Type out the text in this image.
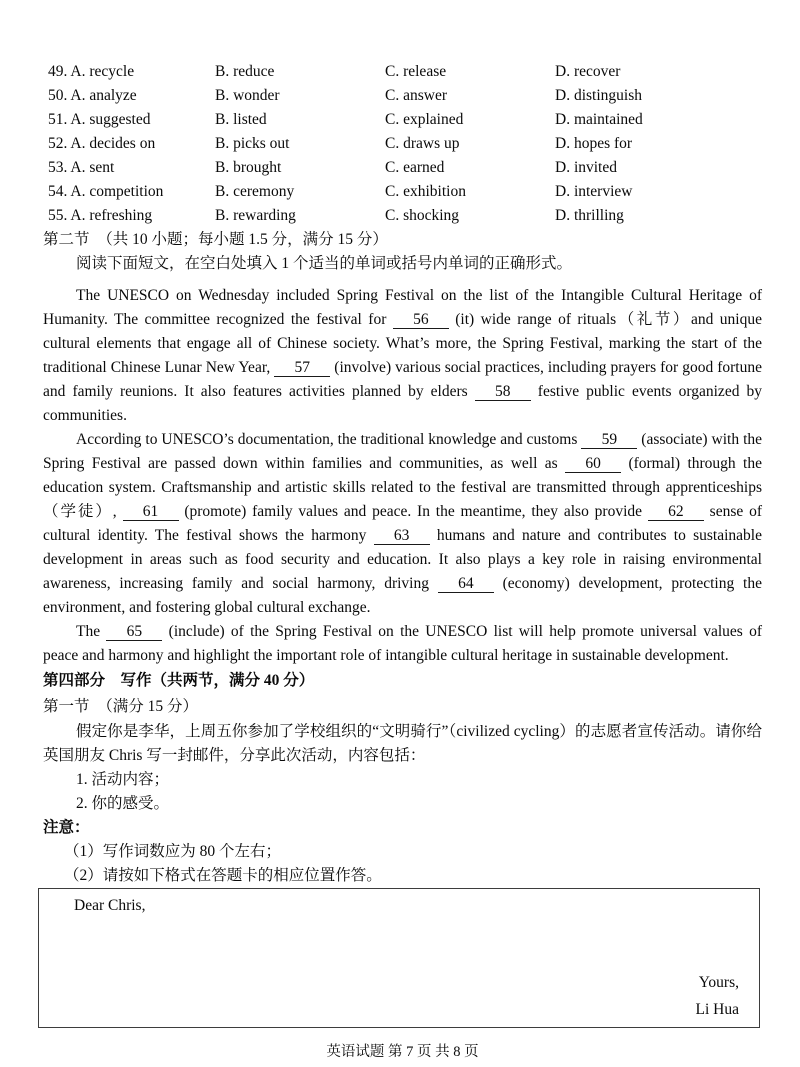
49. A. recycle	B. reduce	C. release	D. recover
50. A. analyze	B. wonder	C. answer	D. distinguish
51. A. suggested	B. listed	C. explained	D. maintained
52. A. decides on	B. picks out	C. draws up	D. hopes for
53. A. sent	B. brought	C. earned	D. invited
54. A. competition	B. ceremony	C. exhibition	D. interview
55. A. refreshing	B. rewarding	C. shocking	D. thrilling
第二节　（共 10 小题；每小题 1.5 分，满分 15 分）
阅读下面短文，在空白处填入 1 个适当的单词或括号内单词的正确形式。

The UNESCO on Wednesday included Spring Festival on the list of the Intangible Cultural Heritage of Humanity. The committee recognized the festival for 56 (it) wide range of rituals（礼节）and unique cultural elements that engage all of Chinese society. What’s more, the Spring Festival, marking the start of the traditional Chinese Lunar New Year, 57 (involve) various social practices, including prayers for good fortune and family reunions. It also features activities planned by elders 58 festive public events organized by communities.

According to UNESCO’s documentation, the traditional knowledge and customs 59 (associate) with the Spring Festival are passed down within families and communities, as well as 60 (formal) through the education system. Craftsmanship and artistic skills related to the festival are transmitted through apprenticeships（学徒）, 61 (promote) family values and peace. In the meantime, they also provide 62 sense of cultural identity. The festival shows the harmony 63 humans and nature and contributes to sustainable development in areas such as food security and education. It also plays a key role in raising environmental awareness, increasing family and social harmony, driving 64 (economy) development, protecting the environment, and fostering global cultural exchange.

The 65 (include) of the Spring Festival on the UNESCO list will help promote universal values of peace and harmony and highlight the important role of intangible cultural heritage in sustainable development.

第四部分　写作（共两节，满分 40 分）
第一节　（满分 15 分）

假定你是李华，上周五你参加了学校组织的“文明骑行”（civilized cycling）的志愿者宣传活动。请你给英国朋友 Chris 写一封邮件，分享此次活动，内容包括：

1. 活动内容；
2. 你的感受。
注意：
（1）写作词数应为 80 个左右；
（2）请按如下格式在答题卡的相应位置作答。
Dear Chris,
Yours,
Li Hua
英语试题 第 7 页 共 8 页
